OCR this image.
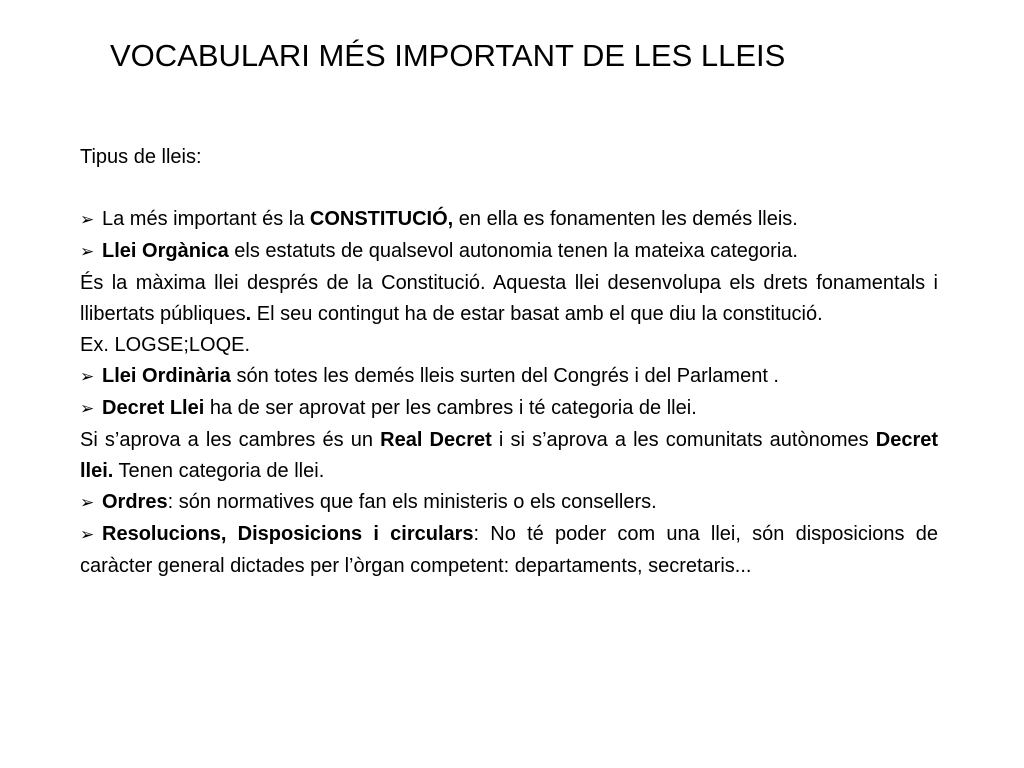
VOCABULARI MÉS IMPORTANT DE LES LLEIS

Tipus de lleis:

➢ La més important és la CONSTITUCIÓ, en ella es fonamenten les demés lleis.

➢ Llei Orgànica els estatuts de qualsevol autonomia tenen la mateixa categoria.

És la màxima llei després de la Constitució. Aquesta llei desenvolupa els drets fonamentals i llibertats públiques. El seu contingut ha de estar basat amb el que diu la constitució.

Ex. LOGSE;LOQE.

➢ Llei Ordinària són totes les demés lleis surten del Congrés i del Parlament .

➢ Decret Llei ha de ser aprovat per les cambres i té categoria de llei.

Si s’aprova a les cambres és un Real Decret i si s’aprova a les comunitats autònomes Decret llei. Tenen categoria de llei.

➢ Ordres: són normatives que fan els ministeris o els consellers.

➢ Resolucions, Disposicions i circulars: No té poder com una llei, són disposicions de caràcter general dictades per l’òrgan competent: departaments, secretaris...
